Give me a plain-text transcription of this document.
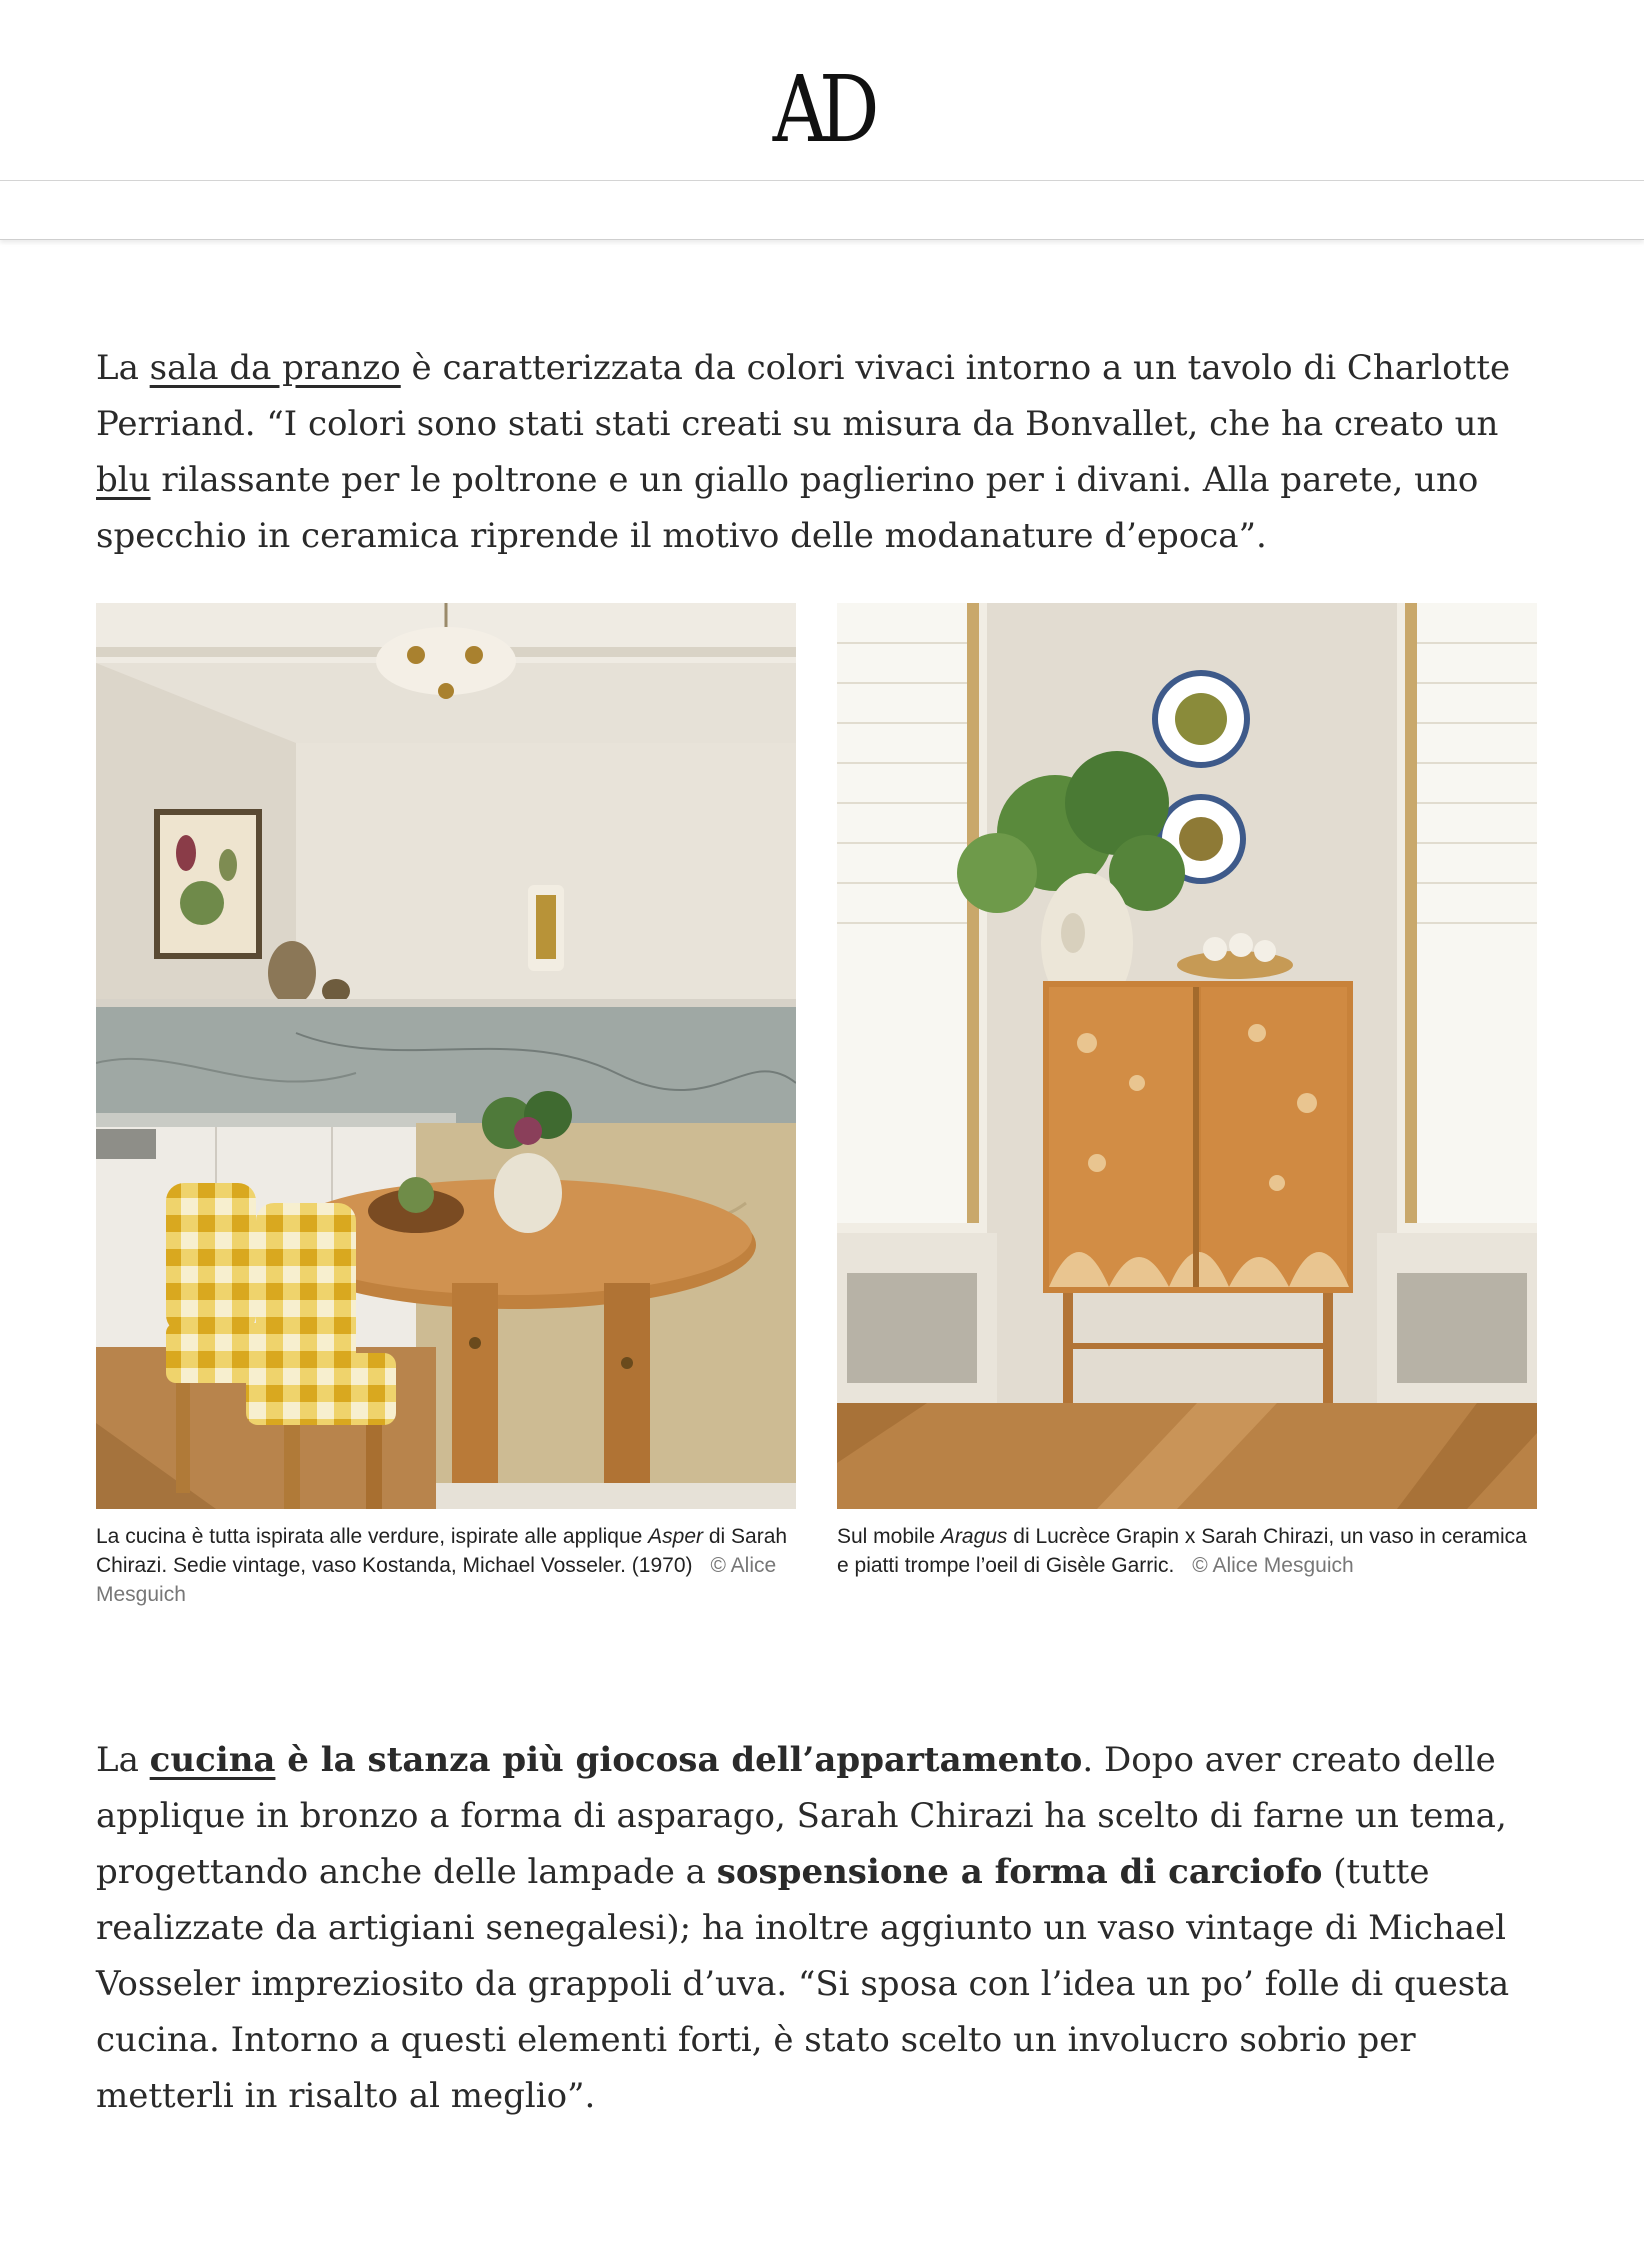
AD

La sala da pranzo è caratterizzata da colori vivaci intorno a un tavolo di Charlotte Perriand. “I colori sono stati stati creati su misura da Bonvallet, che ha creato un blu rilassante per le poltrone e un giallo paglierino per i divani. Alla parete, uno specchio in ceramica riprende il motivo delle modanature d’epoca”.

La cucina è tutta ispirata alle verdure, ispirate alle applique Asper di Sarah Chirazi. Sedie vintage, vaso Kostanda, Michael Vosseler. (1970) © Alice Mesguich
Sul mobile Aragus di Lucrèce Grapin x Sarah Chirazi, un vaso in ceramica e piatti trompe l’oeil di Gisèle Garric. © Alice Mesguich

La cucina è la stanza più giocosa dell’appartamento. Dopo aver creato delle applique in bronzo a forma di asparago, Sarah Chirazi ha scelto di farne un tema, progettando anche delle lampade a sospensione a forma di carciofo (tutte realizzate da artigiani senegalesi); ha inoltre aggiunto un vaso vintage di Michael Vosseler impreziosito da grappoli d’uva. “Si sposa con l’idea un po’ folle di questa cucina. Intorno a questi elementi forti, è stato scelto un involucro sobrio per metterli in risalto al meglio”.
